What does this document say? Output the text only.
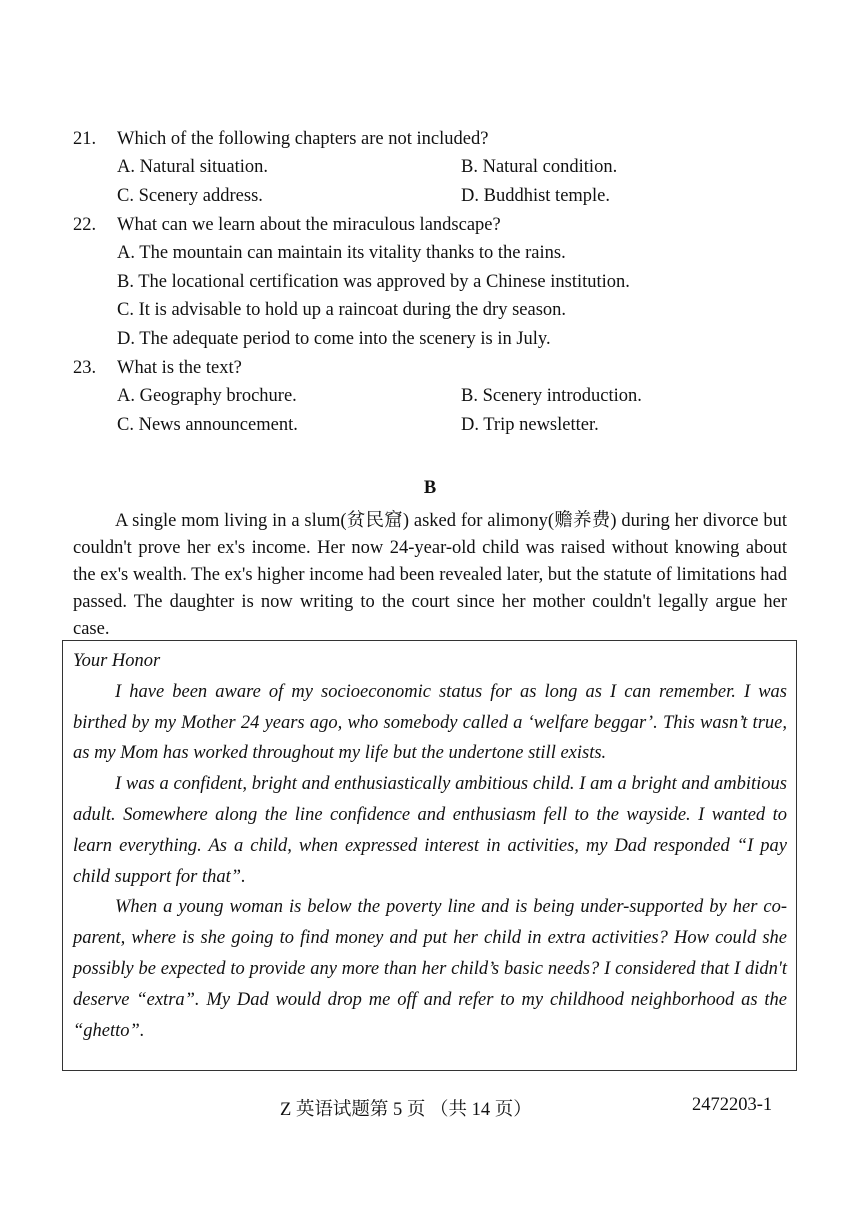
21.	Which of the following chapters are not included?
A. Natural situation.	B. Natural condition.
C. Scenery address.	D. Buddhist temple.
22.	What can we learn about the miraculous landscape?
A. The mountain can maintain its vitality thanks to the rains.
B. The locational certification was approved by a Chinese institution.
C. It is advisable to hold up a raincoat during the dry season.
D. The adequate period to come into the scenery is in July.
23.	What is the text?
A. Geography brochure.	B. Scenery introduction.
C. News announcement.	D. Trip newsletter.
B

A single mom living in a slum(贫民窟) asked for alimony(赡养费) during her divorce but couldn't prove her ex's income. Her now 24-year-old child was raised without knowing about the ex's wealth. The ex's higher income had been revealed later, but the statute of limitations had passed. The daughter is now writing to the court since her mother couldn't legally argue her case.

Your Honor

I have been aware of my socioeconomic status for as long as I can remember. I was birthed by my Mother 24 years ago, who somebody called a ‘welfare beggar’. This wasn’t true, as my Mom has worked throughout my life but the undertone still exists.

I was a confident, bright and enthusiastically ambitious child. I am a bright and ambitious adult. Somewhere along the line confidence and enthusiasm fell to the wayside. I wanted to learn everything. As a child, when expressed interest in activities, my Dad responded “I pay child support for that”.

When a young woman is below the poverty line and is being under-supported by her co-parent, where is she going to find money and put her child in extra activities? How could she possibly be expected to provide any more than her child’s basic needs? I considered that I didn't deserve “extra”. My Dad would drop me off and refer to my childhood neighborhood as the “ghetto”.

Z 英语试题第 5 页 （共 14 页）	2472203-1
